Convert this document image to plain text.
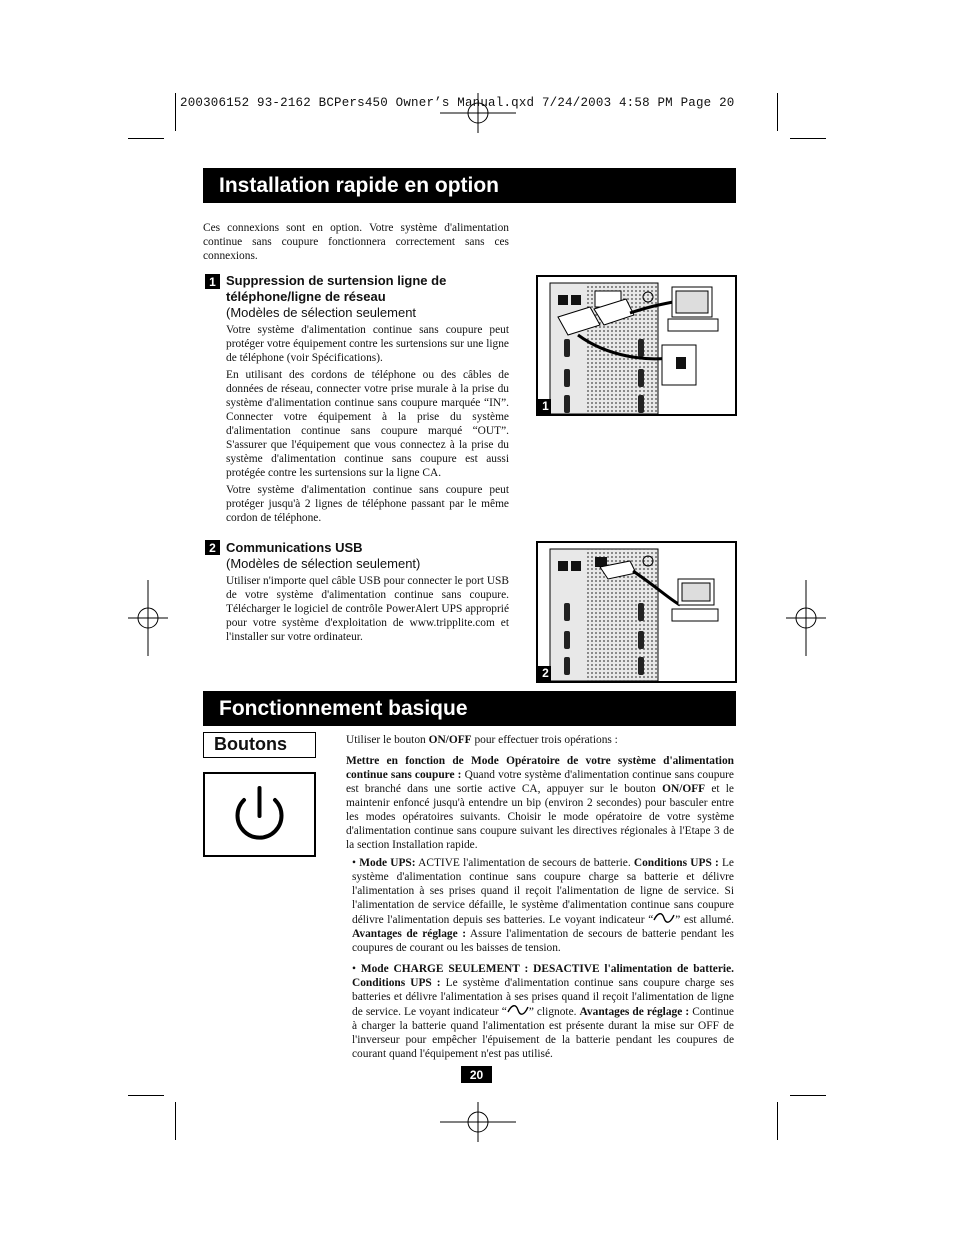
200306152 93-2162 BCPers450 Owner’s Manual.qxd 7/24/2003 4:58 PM Page 20
Installation rapide en option
Ces connexions sont en option. Votre système d'alimentation continue sans coupure fonctionnera correctement sans ces connexions.
1 Suppression de surtension ligne de téléphone/ligne de réseau
(Modèles de sélection seulement
Votre système d'alimentation continue sans coupure peut protéger votre équipement contre les surtensions sur une ligne de téléphone (voir Spécifications).
En utilisant des cordons de téléphone ou des câbles de données de réseau, connecter votre prise murale à la prise du système d'alimentation continue sans coupure marquée “IN”. Connecter votre équipement à la prise du système d'alimentation continue sans coupure marqué “OUT”. S'assurer que l'équipement que vous connectez à la prise du système d'alimentation continue sans coupure est aussi protégée contre les surtensions sur la ligne CA.
Votre système d'alimentation continue sans coupure peut protéger jusqu'à 2 lignes de téléphone passant par le même cordon de téléphone.
1
2 Communications USB
(Modèles de sélection seulement)
Utiliser n'importe quel câble USB pour connecter le port USB de votre système d'alimentation continue sans coupure. Télécharger le logiciel de contrôle PowerAlert UPS approprié pour votre système d'exploitation de www.tripplite.com et l'installer sur votre ordinateur.
2
Fonctionnement basique
Boutons	Utiliser le bouton ON/OFF pour effectuer trois opérations :
Mettre en fonction de Mode Opératoire de votre système d'alimentation continue sans coupure : Quand votre système d'alimentation continue sans coupure est branché dans une sortie active CA, appuyer sur le bouton ON/OFF et le maintenir enfoncé jusqu'à entendre un bip (environ 2 secondes) pour basculer entre les modes opératoires suivants. Choisir le mode opératoire de votre système d'alimentation continue sans coupure suivant les directives régionales à l'Etape 3 de la section Installation rapide.
• Mode UPS: ACTIVE l'alimentation de secours de batterie. Conditions UPS : Le système d'alimentation continue sans coupure charge sa batterie et délivre l'alimentation à ses prises quand il reçoit l'alimentation de ligne de service. Si l'alimentation de service défaille, le système d'alimentation continue sans coupure délivre l'alimentation depuis ses batteries. Le voyant indicateur “ ” est allumé. Avantages de réglage : Assure l'alimentation de secours de batterie pendant les coupures de courant ou les baisses de tension.
• Mode CHARGE SEULEMENT : DESACTIVE l'alimentation de batterie. Conditions UPS : Le système d'alimentation continue sans coupure charge ses batteries et délivre l'alimentation à ses prises quand il reçoit l'alimentation de ligne de service. Le voyant indicateur “ ” clignote. Avantages de réglage : Continue à charger la batterie quand l'alimentation est présente durant la mise sur OFF de l'inverseur pour empêcher l'épuisement de la batterie pendant les coupures de courant quand l'équipement n'est pas utilisé.
20
